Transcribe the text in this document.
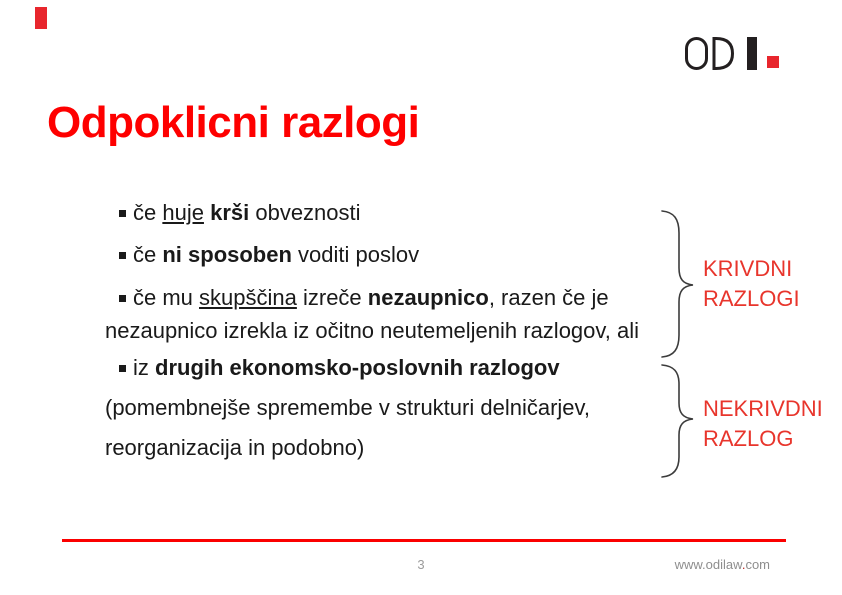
Odpoklicni razlogi
če huje krši obveznosti
če ni sposoben voditi poslov
če mu skupščina izreče nezaupnico, razen če je
nezaupnico izrekla iz očitno neutemeljenih razlogov, ali
iz drugih ekonomsko-poslovnih razlogov
(pomembnejše spremembe v strukturi delničarjev,
reorganizacija in podobno)
KRIVDNI
RAZLOGI
NEKRIVDNI
RAZLOG
3	www.odilaw.com
